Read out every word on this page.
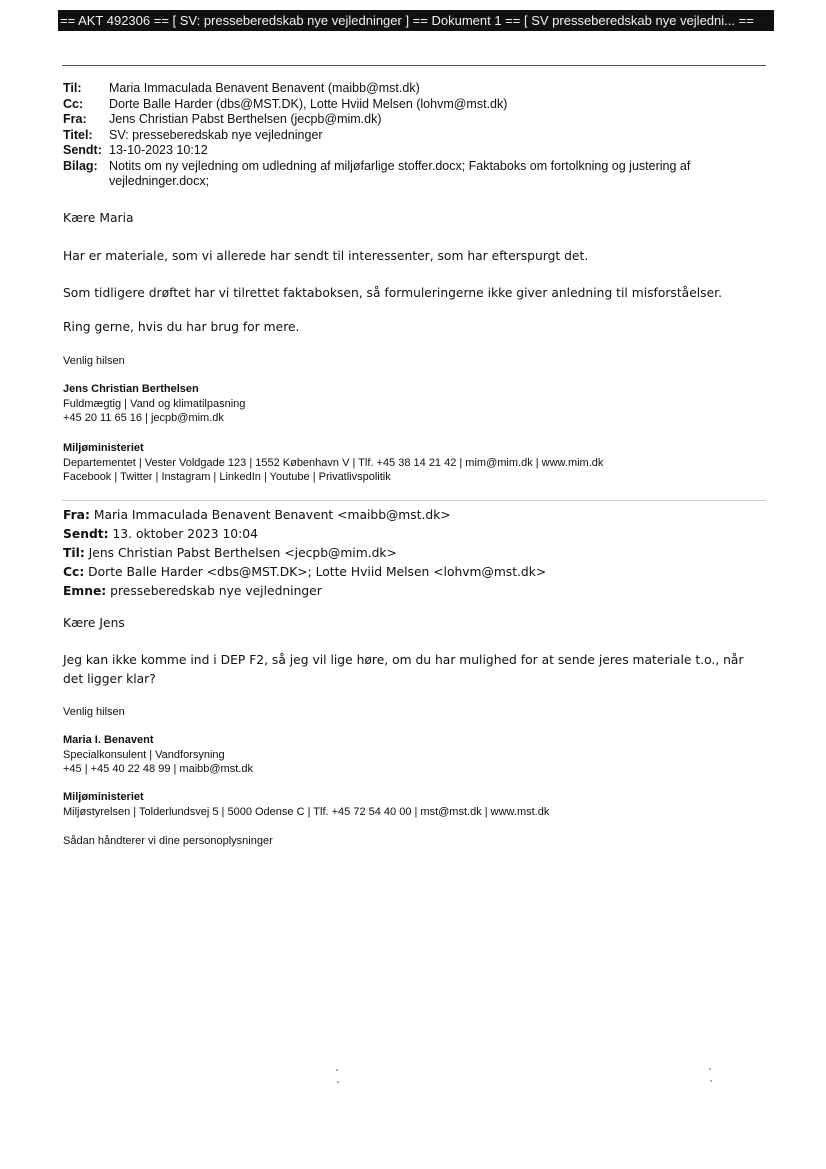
== AKT 492306 == [ SV: presseberedskab nye vejledninger ] == Dokument 1 == [ SV presseberedskab nye vejledni... ==
Til:	Maria Immaculada Benavent Benavent (maibb@mst.dk)
Cc:	Dorte Balle Harder (dbs@MST.DK), Lotte Hviid Melsen (lohvm@mst.dk)
Fra:	Jens Christian Pabst Berthelsen (jecpb@mim.dk)
Titel:	SV: presseberedskab nye vejledninger
Sendt: 13-10-2023 10:12
Bilag: Notits om ny vejledning om udledning af miljøfarlige stoffer.docx; Faktaboks om fortolkning og justering af vejledninger.docx;
Kære Maria
Har er materiale, som vi allerede har sendt til interessenter, som har efterspurgt det.
Som tidligere drøftet har vi tilrettet faktaboksen, så formuleringerne ikke giver anledning til misforståelser.
Ring gerne, hvis du har brug for mere.
Venlig hilsen
Jens Christian Berthelsen
Fuldmægtig | Vand og klimatilpasning
+45 20 11 65 16 | jecpb@mim.dk
Miljøministeriet
Departementet | Vester Voldgade 123 | 1552 København V | Tlf. +45 38 14 21 42 | mim@mim.dk | www.mim.dk
Facebook | Twitter | Instagram | LinkedIn | Youtube | Privatlivspolitik
Fra: Maria Immaculada Benavent Benavent <maibb@mst.dk>
Sendt: 13. oktober 2023 10:04
Til: Jens Christian Pabst Berthelsen <jecpb@mim.dk>
Cc: Dorte Balle Harder <dbs@MST.DK>; Lotte Hviid Melsen <lohvm@mst.dk>
Emne: presseberedskab nye vejledninger
Kære Jens
Jeg kan ikke komme ind i DEP F2, så jeg vil lige høre, om du har mulighed for at sende jeres materiale t.o., når det ligger klar?
Venlig hilsen
Maria I. Benavent
Specialkonsulent | Vandforsyning
+45 | +45 40 22 48 99 | maibb@mst.dk
Miljøministeriet
Miljøstyrelsen | Tolderlundsvej 5 | 5000 Odense C | Tlf. +45 72 54 40 00 | mst@mst.dk | www.mst.dk
Sådan håndterer vi dine personoplysninger
